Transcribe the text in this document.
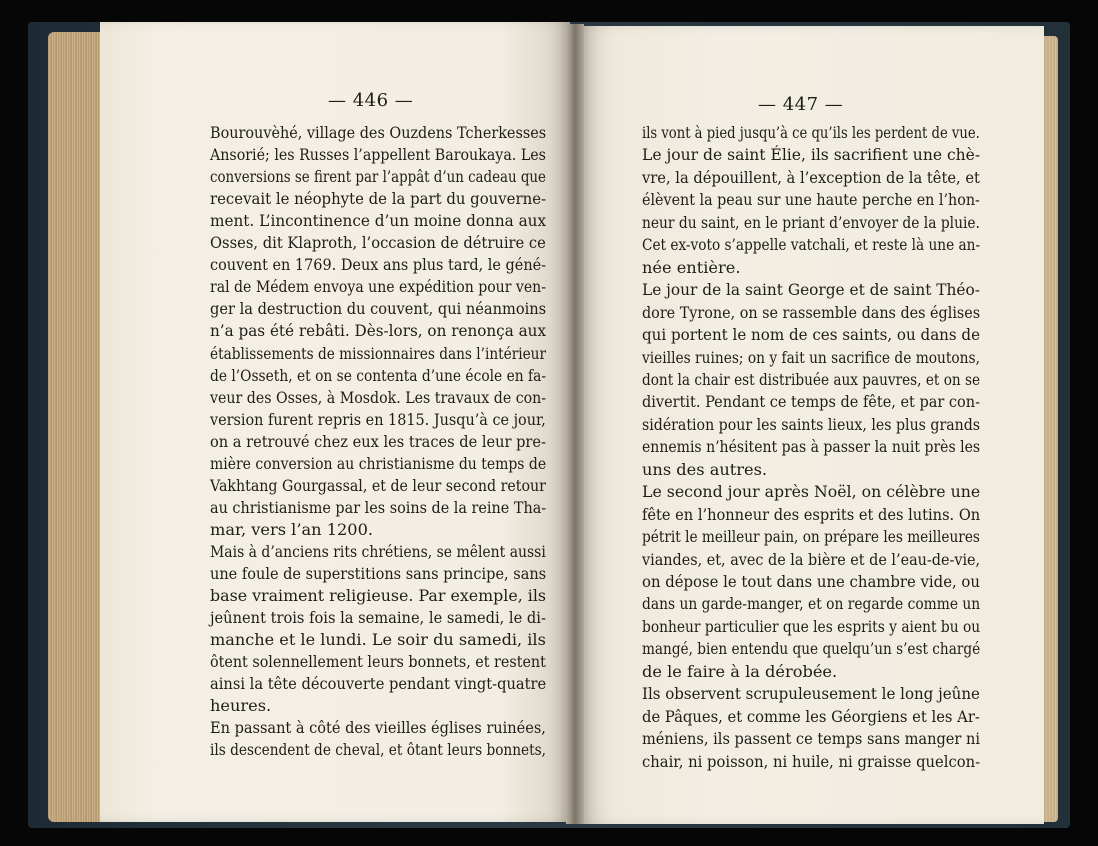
— 446 —
Bourouvèhé, village des Ouzdens Tcherkesses
Ansorié; les Russes l’appellent Baroukaya. Les
conversions se firent par l’appât d’un cadeau que
recevait le néophyte de la part du gouverne-
ment. L’incontinence d’un moine donna aux
Osses, dit Klaproth, l’occasion de détruire ce
couvent en 1769. Deux ans plus tard, le géné-
ral de Médem envoya une expédition pour ven-
ger la destruction du couvent, qui néanmoins
n’a pas été rebâti. Dès-lors, on renonça aux
établissements de missionnaires dans l’intérieur
de l’Osseth, et on se contenta d’une école en fa-
veur des Osses, à Mosdok. Les travaux de con-
version furent repris en 1815. Jusqu’à ce jour,
on a retrouvé chez eux les traces de leur pre-
mière conversion au christianisme du temps de
Vakhtang Gourgassal, et de leur second retour
au christianisme par les soins de la reine Tha-
mar, vers l’an 1200.
Mais à d’anciens rits chrétiens, se mêlent aussi
une foule de superstitions sans principe, sans
base vraiment religieuse. Par exemple, ils
jeûnent trois fois la semaine, le samedi, le di-
manche et le lundi. Le soir du samedi, ils
ôtent solennellement leurs bonnets, et restent
ainsi la tête découverte pendant vingt-quatre
heures.
En passant à côté des vieilles églises ruinées,
ils descendent de cheval, et ôtant leurs bonnets,
— 447 —
ils vont à pied jusqu’à ce qu’ils les perdent de vue.
Le jour de saint Élie, ils sacrifient une chè-
vre, la dépouillent, à l’exception de la tête, et
élèvent la peau sur une haute perche en l’hon-
neur du saint, en le priant d’envoyer de la pluie.
Cet ex-voto s’appelle vatchali, et reste là une an-
née entière.
Le jour de la saint George et de saint Théo-
dore Tyrone, on se rassemble dans des églises
qui portent le nom de ces saints, ou dans de
vieilles ruines; on y fait un sacrifice de moutons,
dont la chair est distribuée aux pauvres, et on se
divertit. Pendant ce temps de fête, et par con-
sidération pour les saints lieux, les plus grands
ennemis n’hésitent pas à passer la nuit près les
uns des autres.
Le second jour après Noël, on célèbre une
fête en l’honneur des esprits et des lutins. On
pétrit le meilleur pain, on prépare les meilleures
viandes, et, avec de la bière et de l’eau-de-vie,
on dépose le tout dans une chambre vide, ou
dans un garde-manger, et on regarde comme un
bonheur particulier que les esprits y aient bu ou
mangé, bien entendu que quelqu’un s’est chargé
de le faire à la dérobée.
Ils observent scrupuleusement le long jeûne
de Pâques, et comme les Géorgiens et les Ar-
méniens, ils passent ce temps sans manger ni
chair, ni poisson, ni huile, ni graisse quelcon-
